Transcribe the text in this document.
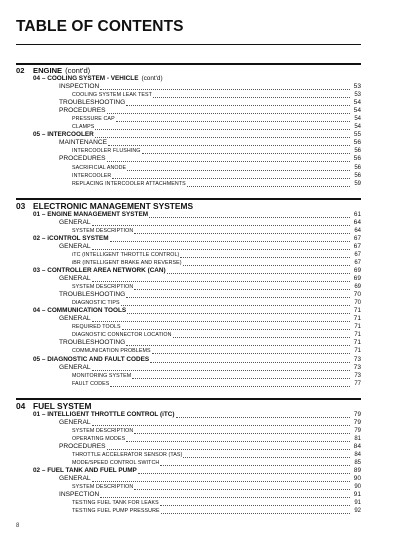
TABLE OF CONTENTS
02	ENGINE (cont'd)
04 – COOLING SYSTEM - VEHICLE (cont'd)
INSPECTION	53
COOLING SYSTEM LEAK TEST	53
TROUBLESHOOTING	54
PROCEDURES	54
PRESSURE CAP	54
CLAMPS	54
05 – INTERCOOLER	55
MAINTENANCE	56
INTERCOOLER FLUSHING	56
PROCEDURES	56
SACRIFICIAL ANODE	56
INTERCOOLER	56
REPLACING INTERCOOLER ATTACHMENTS	59
03 ELECTRONIC MANAGEMENT SYSTEMS
01 – ENGINE MANAGEMENT SYSTEM	61
GENERAL	64
SYSTEM DESCRIPTION	64
02 – iCONTROL SYSTEM	67
GENERAL	67
iTC (INTELLIGENT THROTTLE CONTROL)	67
iBR (INTELLIGENT BRAKE AND REVERSE)	67
03 – CONTROLLER AREA NETWORK (CAN)	69
GENERAL	69
SYSTEM DESCRIPTION	69
TROUBLESHOOTING	70
DIAGNOSTIC TIPS	70
04 – COMMUNICATION TOOLS	71
GENERAL	71
REQUIRED TOOLS	71
DIAGNOSTIC CONNECTOR LOCATION	71
TROUBLESHOOTING	71
COMMUNICATION PROBLEMS	71
05 – DIAGNOSTIC AND FAULT CODES	73
GENERAL	73
MONITORING SYSTEM	73
FAULT CODES	77
04 FUEL SYSTEM
01 – INTELLIGENT THROTTLE CONTROL (iTC)	79
GENERAL	79
SYSTEM DESCRIPTION	79
OPERATING MODES	81
PROCEDURES	84
THROTTLE ACCELERATOR SENSOR (TAS)	84
MODE/SPEED CONTROL SWITCH	85
02 – FUEL TANK AND FUEL PUMP	89
GENERAL	90
SYSTEM DESCRIPTION	90
INSPECTION	91
TESTING FUEL TANK FOR LEAKS	91
TESTING FUEL PUMP PRESSURE	92
8
